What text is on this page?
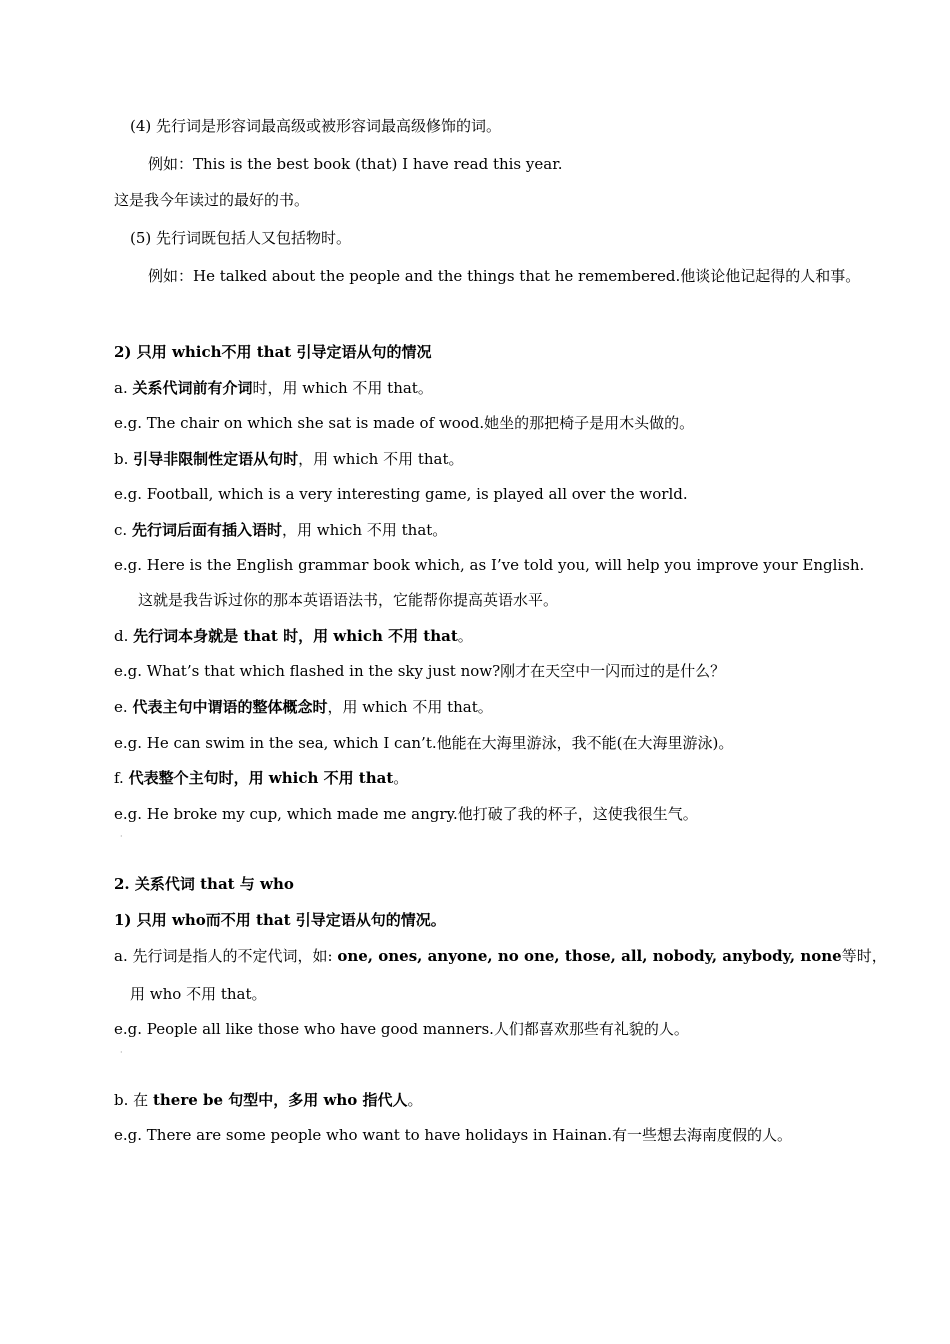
(4) 先行词是形容词最高级或被形容词最高级修饰的词。
例如：This is the best book (that) I have read this year.
这是我今年读过的最好的书。
(5) 先行词既包括人又包括物时。
例如：He talked about the people and the things that he remembered.他谈论他记起得的人和事。
2) 只用 which不用 that 引导定语从句的情况
a. 关系代词前有介词时，用 which 不用 that。
e.g. The chair on which she sat is made of wood.她坐的那把椅子是用木头做的。
b. 引导非限制性定语从句时，用 which 不用 that。
e.g. Football, which is a very interesting game, is played all over the world.
c. 先行词后面有插入语时，用 which 不用 that。
e.g. Here is the English grammar book which, as I’ve told you, will help you improve your English.
这就是我告诉过你的那本英语语法书，它能帮你提高英语水平。
d. 先行词本身就是 that 时，用 which 不用 that。
e.g. What’s that which flashed in the sky just now?刚才在天空中一闪而过的是什么？
e. 代表主句中谓语的整体概念时，用 which 不用 that。
e.g. He can swim in the sea, which I can’t.他能在大海里游泳，我不能(在大海里游泳)。
f. 代表整个主句时，用 which 不用 that。
e.g. He broke my cup, which made me angry.他打破了我的杯子，这使我很生气。
·
2. 关系代词 that 与 who
1) 只用 who而不用 that 引导定语从句的情况。
a. 先行词是指人的不定代词，如: one, ones, anyone, no one, those, all, nobody, anybody, none等时，
用 who 不用 that。
e.g. People all like those who have good manners.人们都喜欢那些有礼貌的人。
·
b. 在 there be 句型中，多用 who 指代人。
e.g. There are some people who want to have holidays in Hainan.有一些想去海南度假的人。
